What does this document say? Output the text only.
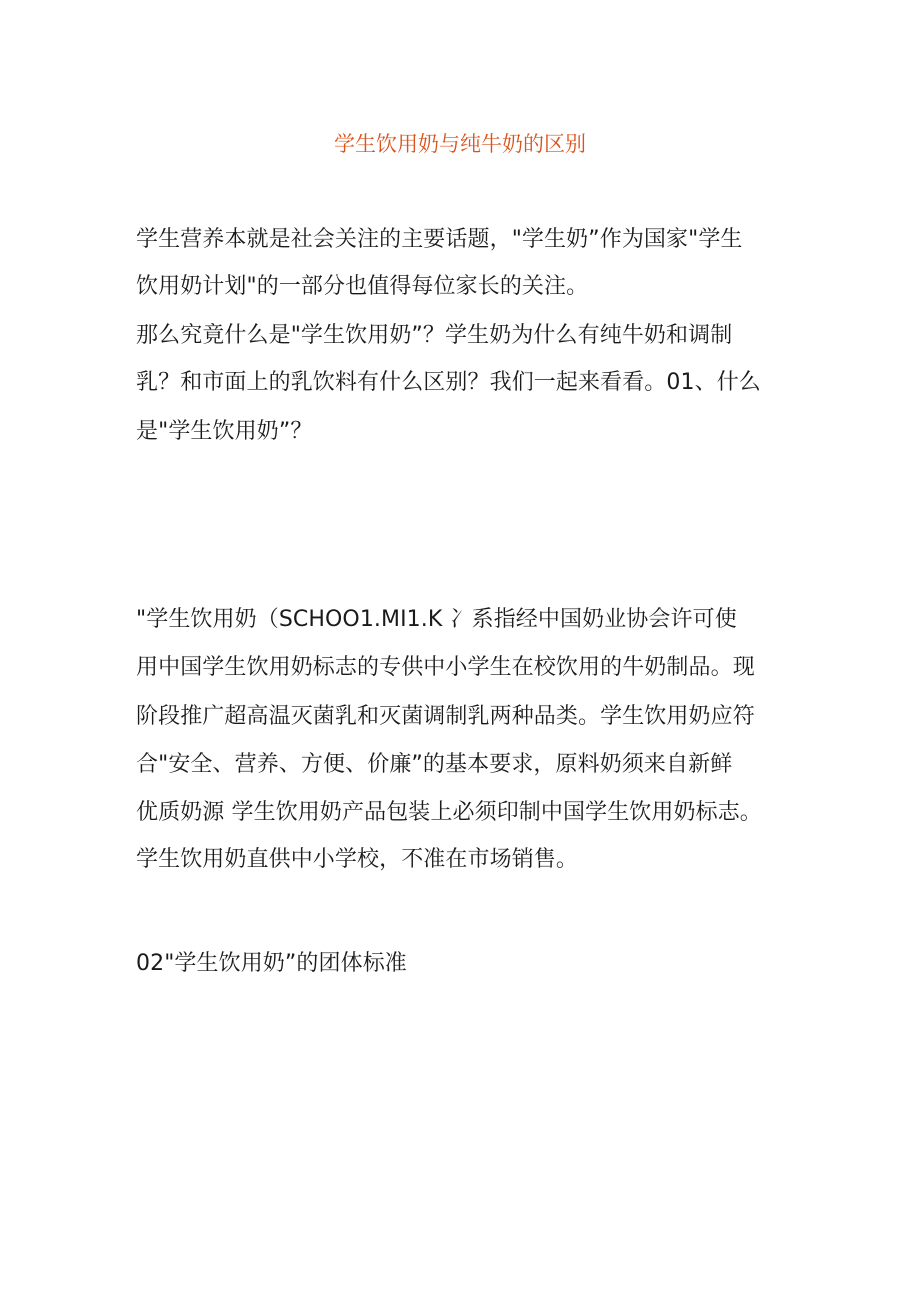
学生饮用奶与纯牛奶的区别
学生营养本就是社会关注的主要话题，"学生奶”作为国家"学生
饮用奶计划"的一部分也值得每位家长的关注。
那么究竟什么是"学生饮用奶”？学生奶为什么有纯牛奶和调制
乳？和市面上的乳饮料有什么区别？我们一起来看看。01、什么
是"学生饮用奶”？
"学生饮用奶（SCHOO1.MI1.K 冫系指经中国奶业协会许可使
用中国学生饮用奶标志的专供中小学生在校饮用的牛奶制品。现
阶段推广超高温灭菌乳和灭菌调制乳两种品类。学生饮用奶应符
合"安全、营养、方便、价廉”的基本要求，原料奶须来自新鲜
优质奶源 学生饮用奶产品包装上必须印制中国学生饮用奶标志。
学生饮用奶直供中小学校，不准在市场销售。
02"学生饮用奶”的团体标准
